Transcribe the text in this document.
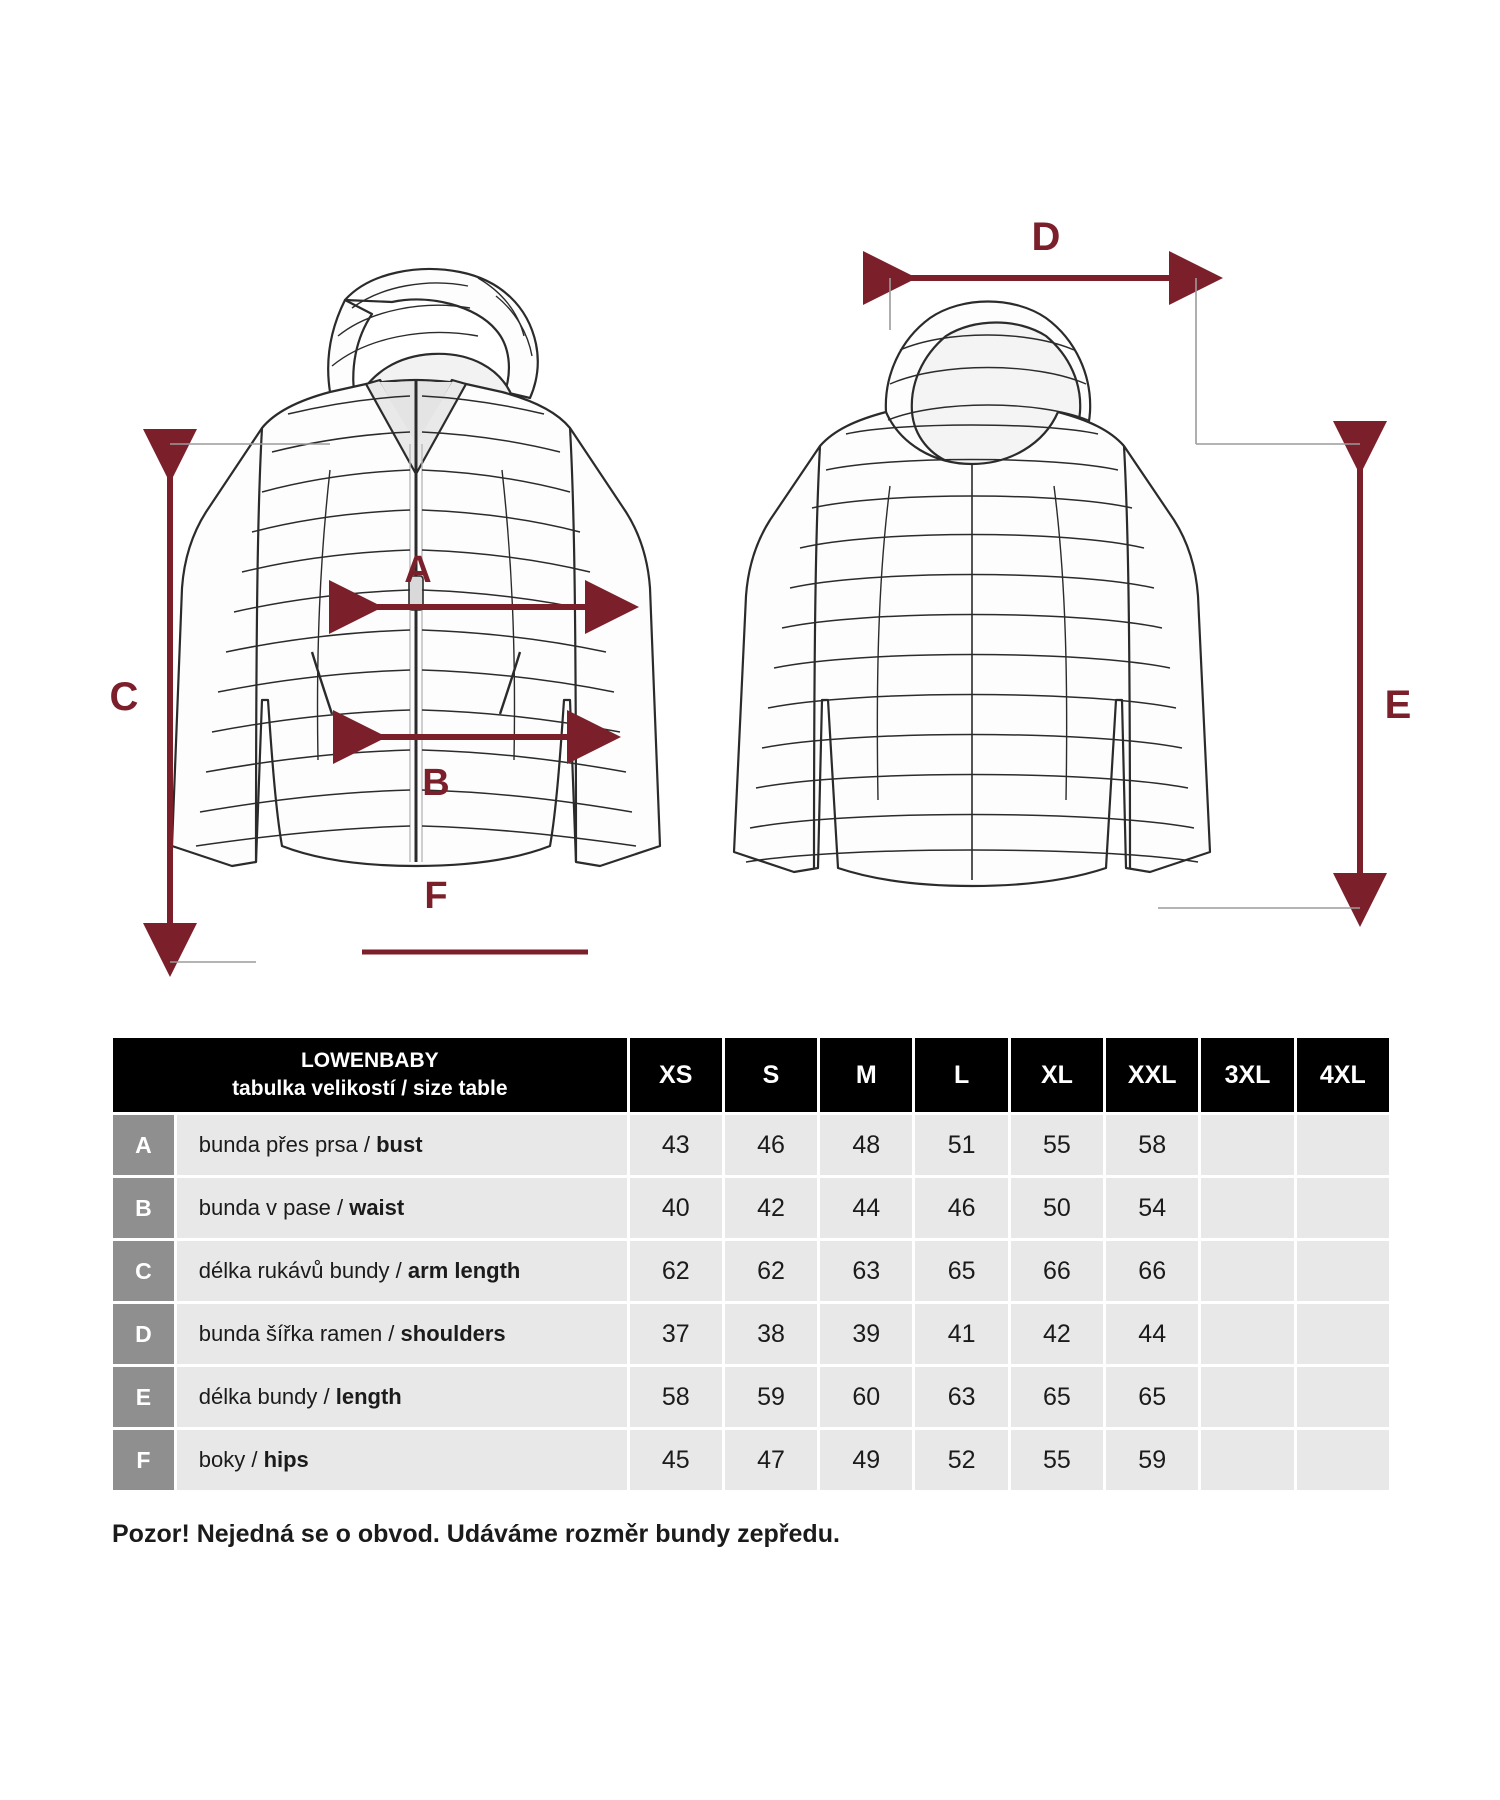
A
B
C
F
D
E
LOWENBABY
tabulka velikostí / size table		XS	S	M	L	XL	XXL	3XL	4XL
A	bunda přes prsa / bust	43	46	48	51	55	58		
B	bunda v pase / waist	40	42	44	46	50	54		
C	délka rukávů bundy / arm length	62	62	63	65	66	66		
D	bunda šířka ramen / shoulders	37	38	39	41	42	44		
E	délka bundy / length	58	59	60	63	65	65		
F	boky / hips	45	47	49	52	55	59		
Pozor! Nejedná se o obvod. Udáváme rozměr bundy zepředu.
